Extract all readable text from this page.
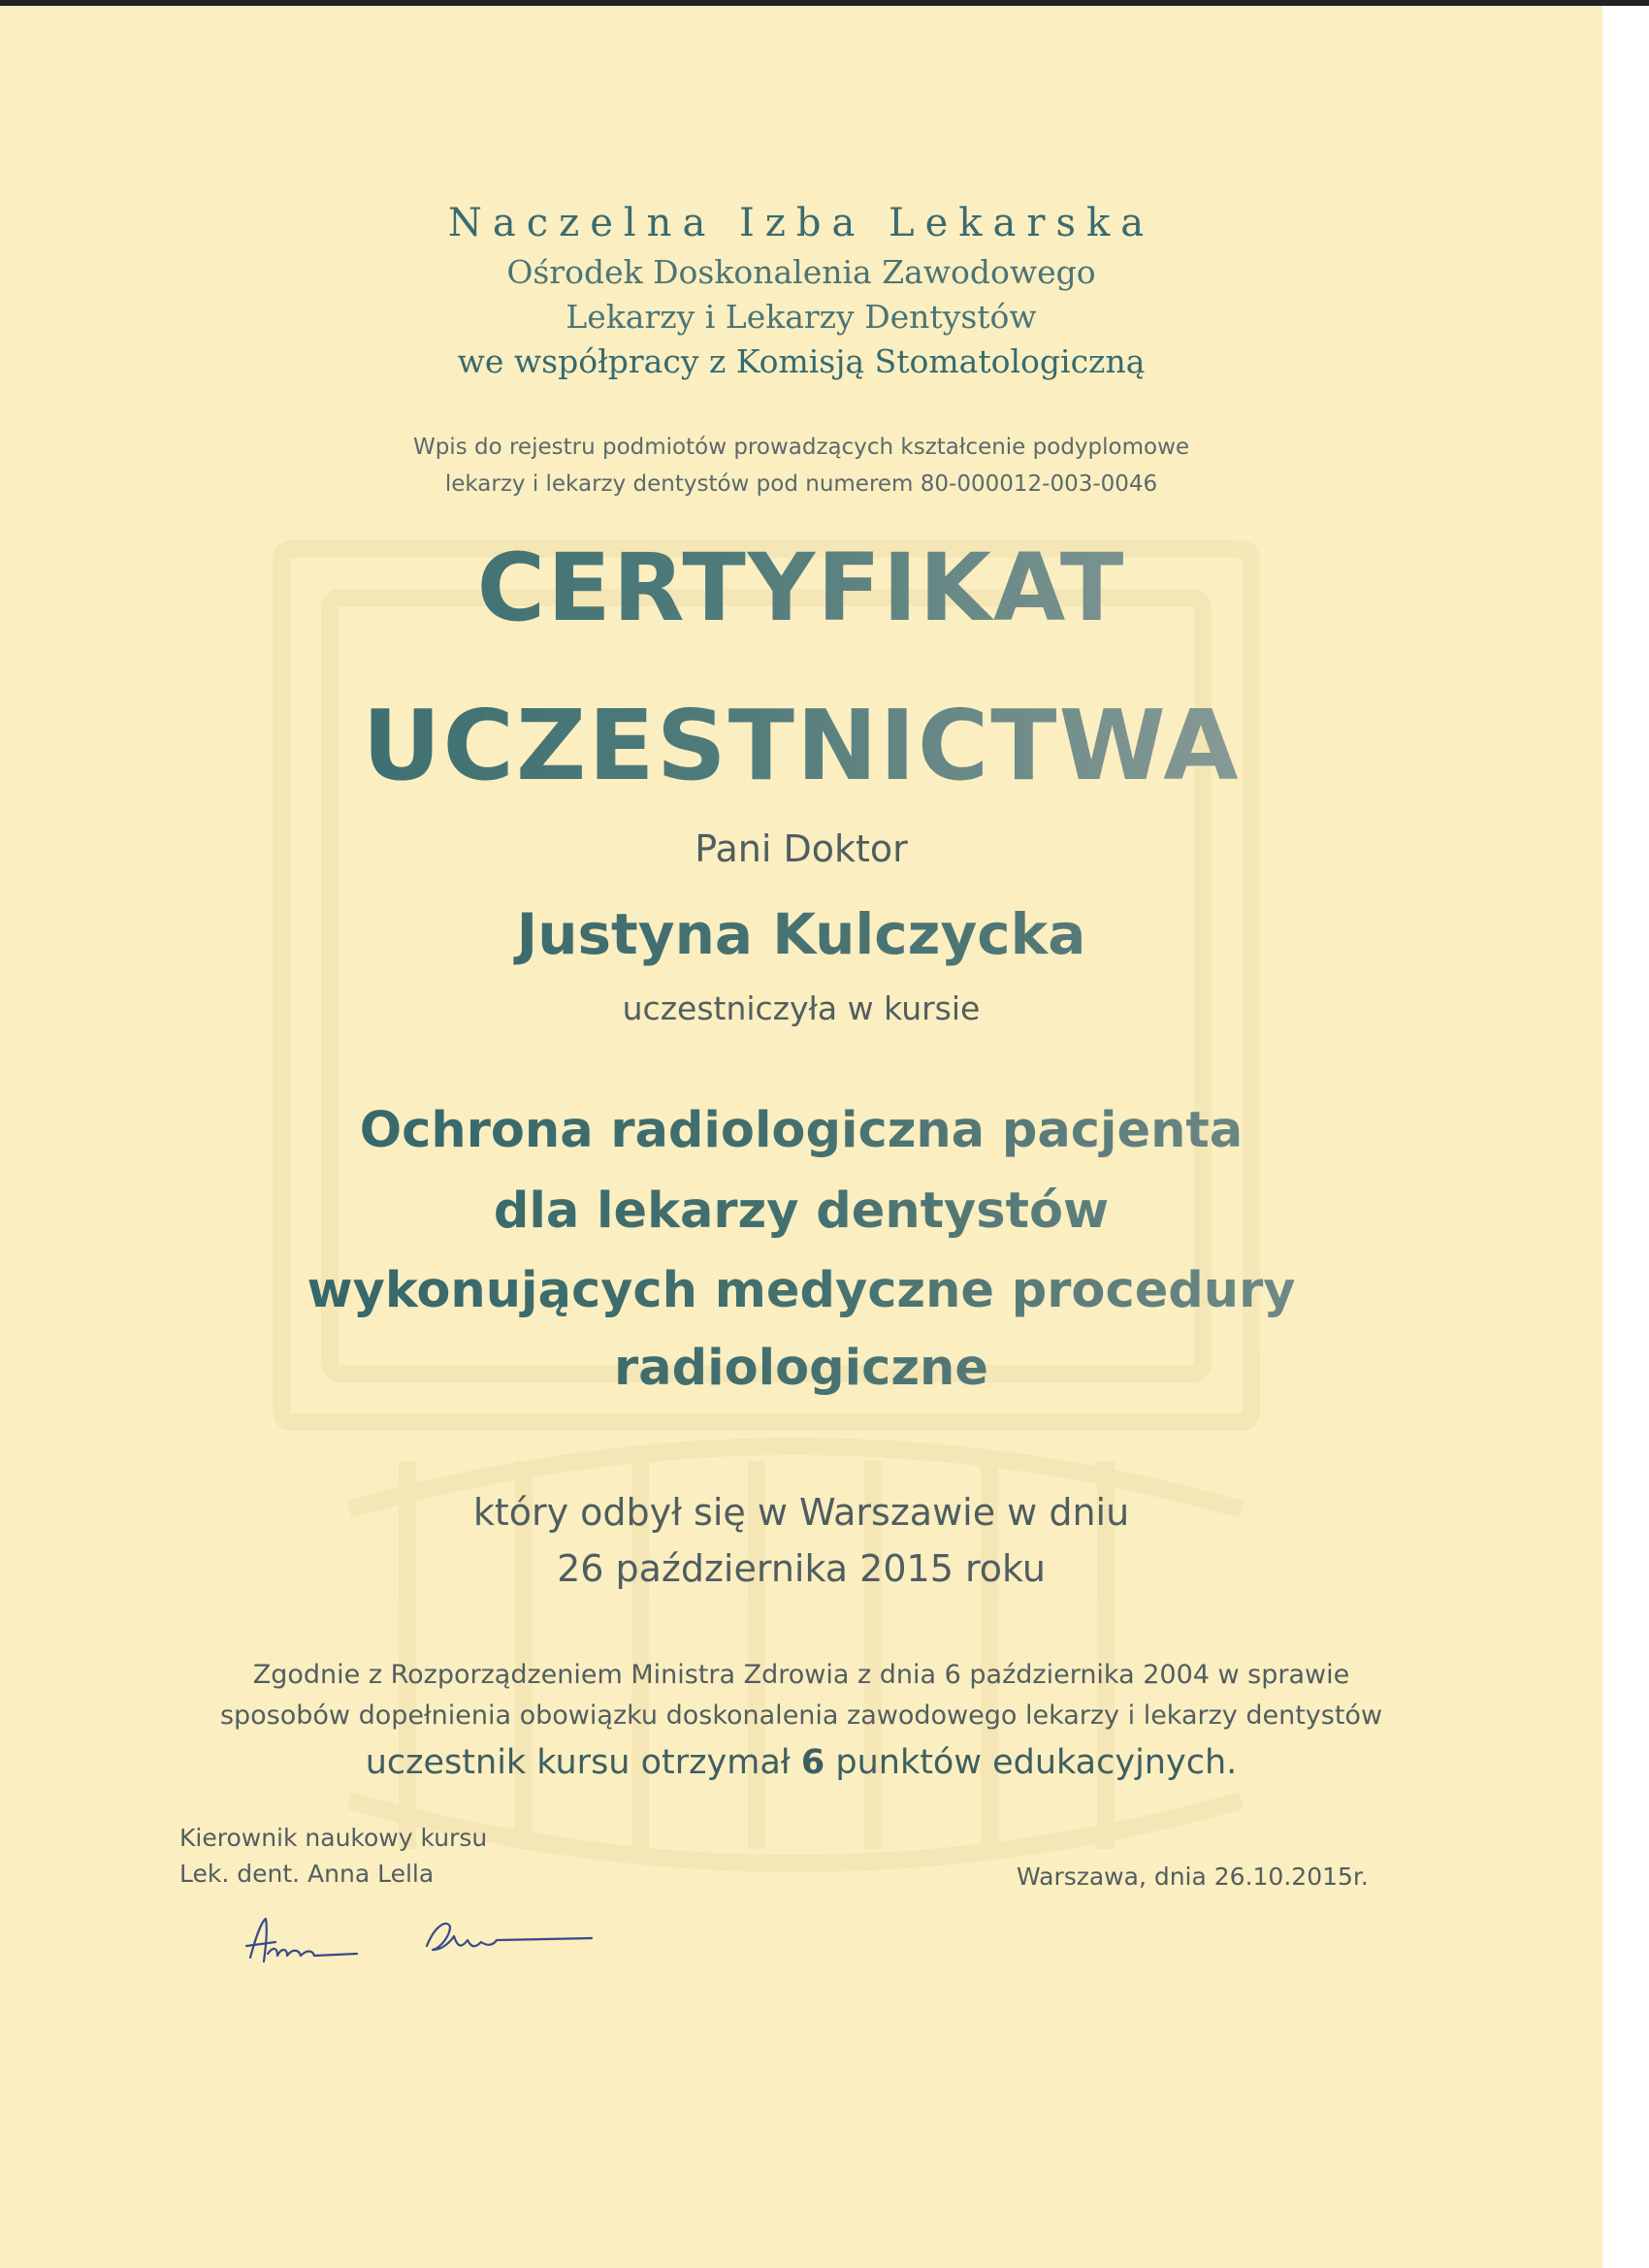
Naczelna Izba Lekarska
Ośrodek Doskonalenia Zawodowego
Lekarzy i Lekarzy Dentystów
we współpracy z Komisją Stomatologiczną
Wpis do rejestru podmiotów prowadzących kształcenie podyplomowe
lekarzy i lekarzy dentystów pod numerem 80-000012-003-0046
CERTYFIKAT
UCZESTNICTWA
Pani Doktor
Justyna Kulczycka
uczestniczyła w kursie
Ochrona radiologiczna pacjenta
dla lekarzy dentystów
wykonujących medyczne procedury
radiologiczne
który odbył się w Warszawie w dniu
26 października 2015 roku
Zgodnie z Rozporządzeniem Ministra Zdrowia z dnia 6 października 2004 w sprawie
sposobów dopełnienia obowiązku doskonalenia zawodowego lekarzy i lekarzy dentystów
uczestnik kursu otrzymał 6 punktów edukacyjnych.
Kierownik naukowy kursu
Lek. dent. Anna Lella	Warszawa, dnia 26.10.2015r.
